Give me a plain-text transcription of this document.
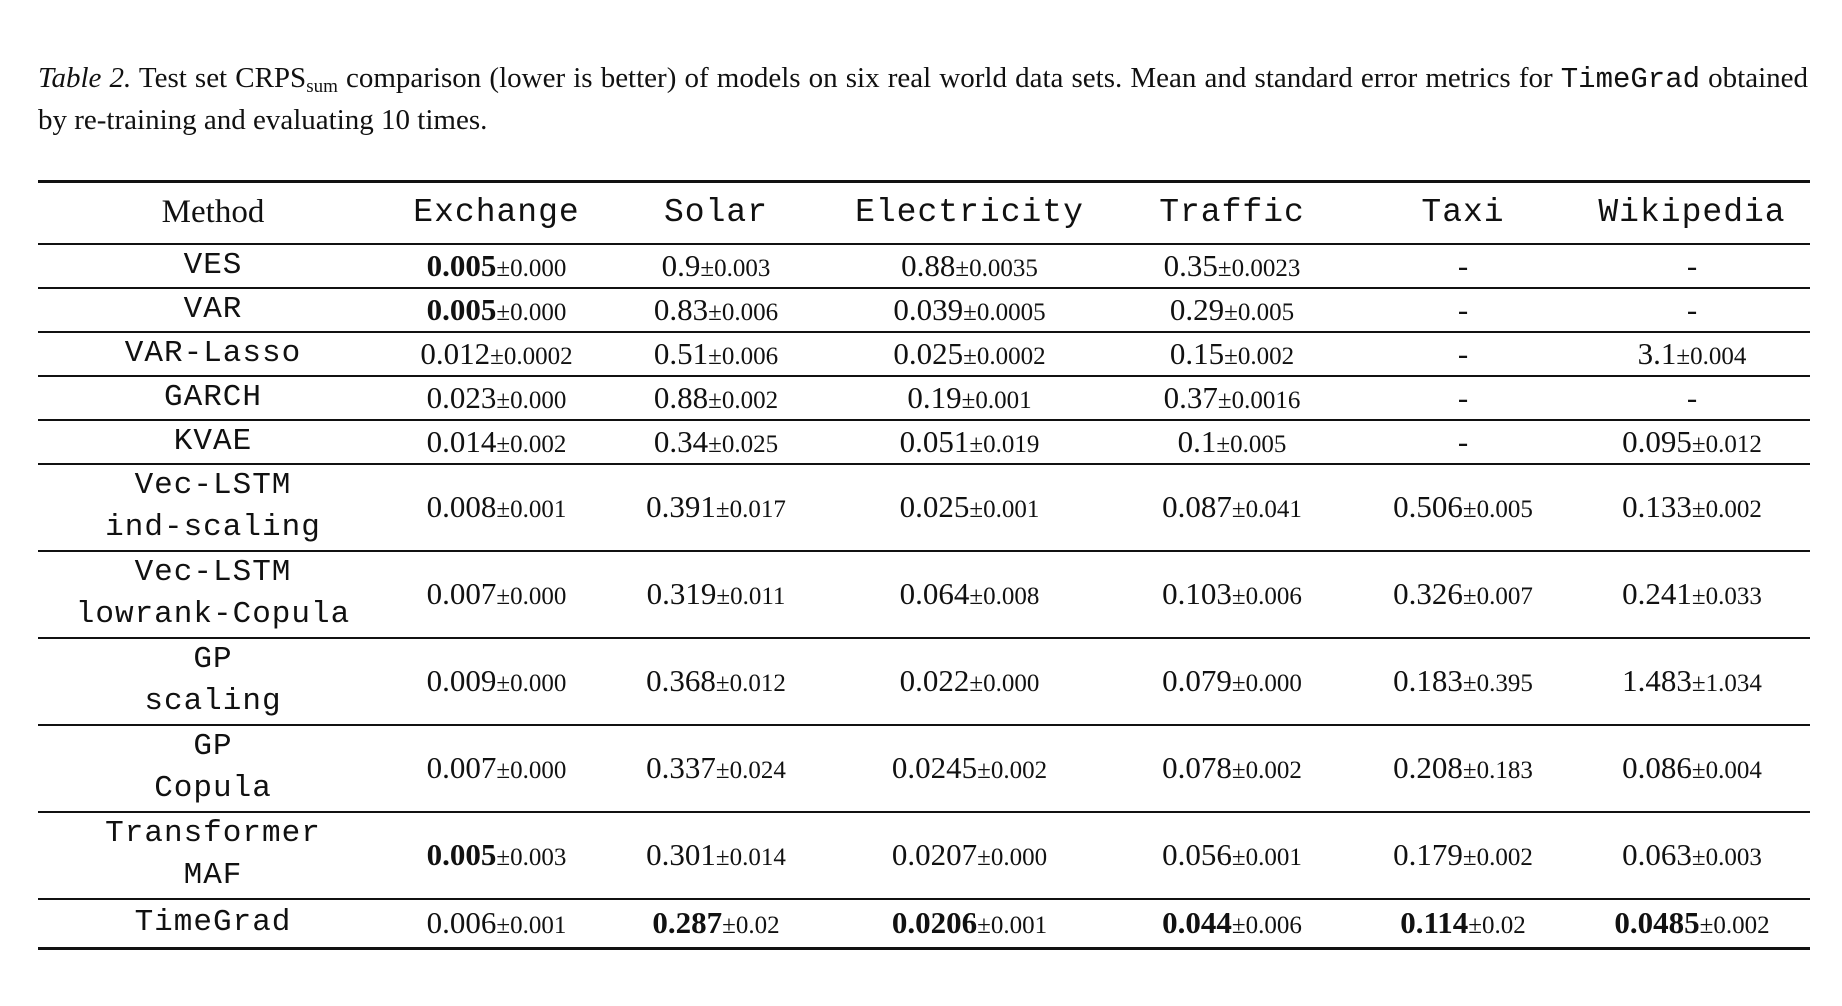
Table 2. Test set $CRPS_{sum}$ comparison (lower is better) of models on six real world data sets. Mean and standard error metrics for TimeGrad obtained by re-training and evaluating 10 times.
Method	Exchange	Solar	Electricity	Traffic	Taxi	Wikipedia

VES	0.005±0.000	0.9±0.003	0.88±0.0035	0.35±0.0023	-	-

VAR	0.005±0.000	0.83±0.006	0.039±0.0005	0.29±0.005	-	-

VAR-Lasso	0.012±0.0002	0.51±0.006	0.025±0.0002	0.15±0.002	-	3.1±0.004

GARCH	0.023±0.000	0.88±0.002	0.19±0.001	0.37±0.0016	-	-

KVAE	0.014±0.002	0.34±0.025	0.051±0.019	0.1±0.005	-	0.095±0.012

Vec-LSTM
ind-scaling	0.008±0.001	0.391±0.017	0.025±0.001	0.087±0.041	0.506±0.005	0.133±0.002

Vec-LSTM
lowrank-Copula	0.007±0.000	0.319±0.011	0.064±0.008	0.103±0.006	0.326±0.007	0.241±0.033

GP
scaling	0.009±0.000	0.368±0.012	0.022±0.000	0.079±0.000	0.183±0.395	1.483±1.034

GP
Copula	0.007±0.000	0.337±0.024	0.0245±0.002	0.078±0.002	0.208±0.183	0.086±0.004

Transformer
MAF	0.005±0.003	0.301±0.014	0.0207±0.000	0.056±0.001	0.179±0.002	0.063±0.003

TimeGrad	0.006±0.001	0.287±0.02	0.0206±0.001	0.044±0.006	0.114±0.02	0.0485±0.002
